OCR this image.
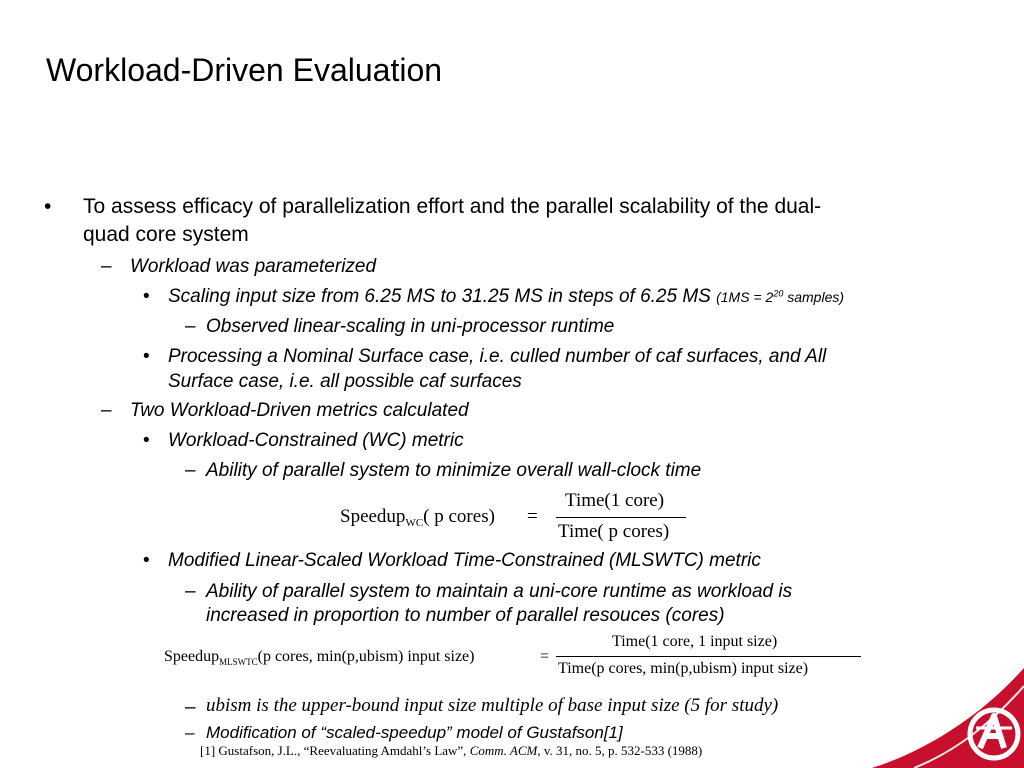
Workload-Driven Evaluation
• To assess efficacy of parallelization effort and the parallel scalability of the dual-
quad core system
– Workload was parameterized
• Scaling input size from 6.25 MS to 31.25 MS in steps of 6.25 MS ($1MS = 2^{20}$ samples)
– Observed linear-scaling in uni-processor runtime
• Processing a Nominal Surface case, i.e. culled number of caf surfaces, and All
Surface case, i.e. all possible caf surfaces
– Two Workload-Driven metrics calculated
• Workload-Constrained (WC) metric
– Ability of parallel system to minimize overall wall-clock time
Speedup$_{WC}$( p cores) =
Time(1 core)
Time( p cores)
• Modified Linear-Scaled Workload Time-Constrained (MLSWTC) metric
– Ability of parallel system to maintain a uni-core runtime as workload is
increased in proportion to number of parallel resouces (cores)
Speedup$_{MLSWTC}$(p cores, min(p,ubism) input size)	=
Time(1 core, 1 input size)
Time(p cores, min(p,ubism) input size)
– ubism is the upper-bound input size multiple of base input size (5 for study)
– Modification of “scaled-speedup” model of Gustafson[1]
[1] Gustafson, J.L., “Reevaluating Amdahl’s Law”, Comm. ACM, v. 31, no. 5, p. 532-533 (1988)
